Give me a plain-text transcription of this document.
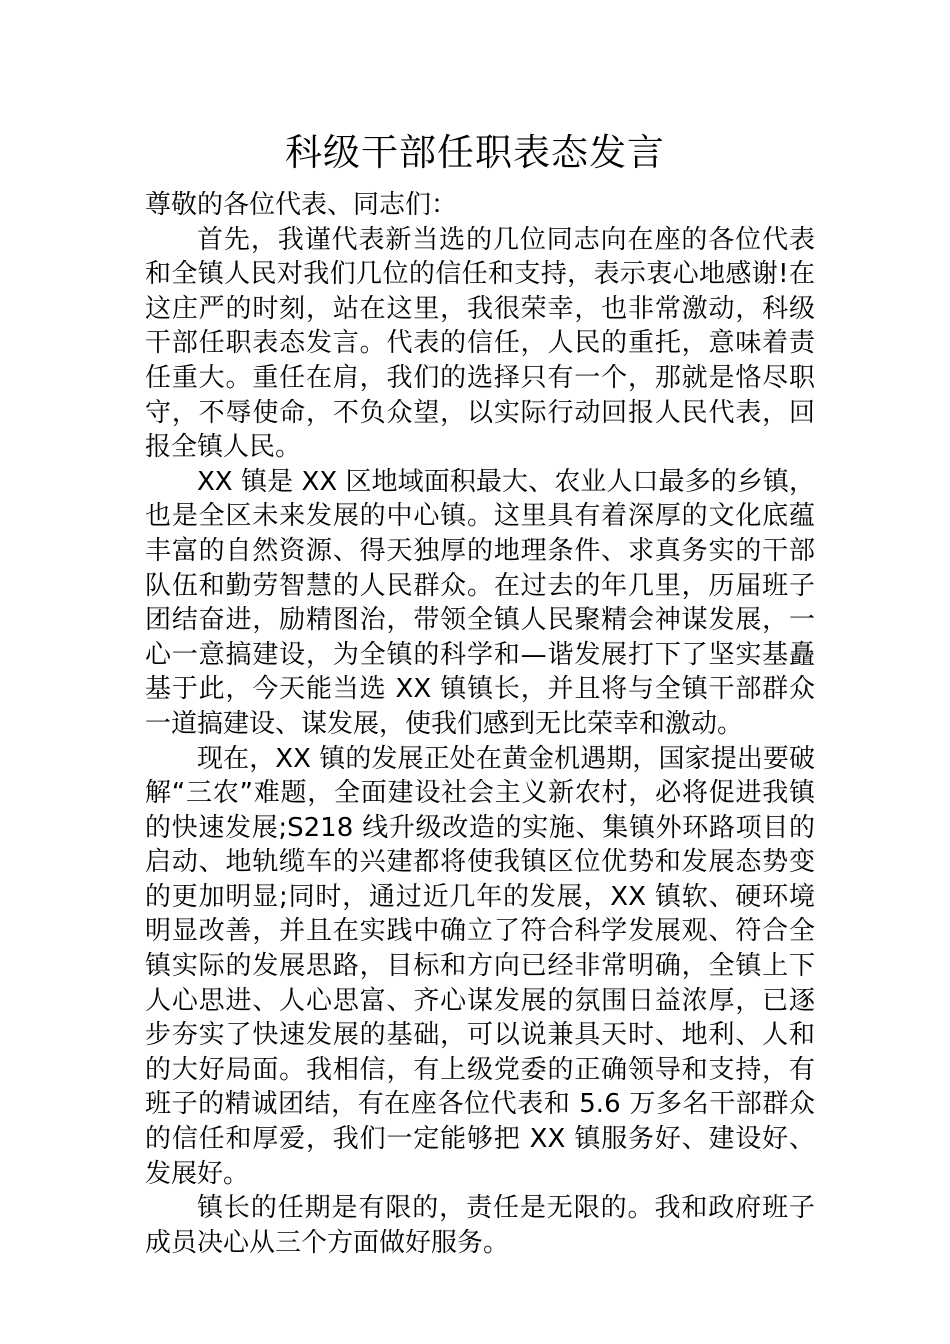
科级干部任职表态发言

尊敬的各位代表、同志们：

首先，我谨代表新当选的几位同志向在座的各位代表和全镇人民对我们几位的信任和支持，表示衷心地感谢!在这庄严的时刻，站在这里，我很荣幸，也非常激动，科级干部任职表态发言。代表的信任，人民的重托，意味着责任重大。重任在肩，我们的选择只有一个，那就是恪尽职守，不辱使命，不负众望，以实际行动回报人民代表，回报全镇人民。

XX 镇是 XX 区地域面积最大、农业人口最多的乡镇，也是全区未来发展的中心镇。这里具有着深厚的文化底蕴丰富的自然资源、得天独厚的地理条件、求真务实的干部队伍和勤劳智慧的人民群众。在过去的年几里，历届班子团结奋进，励精图治，带领全镇人民聚精会神谋发展，一心一意搞建设，为全镇的科学和—谐发展打下了坚实基矗基于此，今天能当选 XX 镇镇长，并且将与全镇干部群众一道搞建设、谋发展，使我们感到无比荣幸和激动。

现在，XX 镇的发展正处在黄金机遇期，国家提出要破解“三农”难题，全面建设社会主义新农村，必将促进我镇的快速发展;S218 线升级改造的实施、集镇外环路项目的启动、地轨缆车的兴建都将使我镇区位优势和发展态势变的更加明显;同时，通过近几年的发展，XX 镇软、硬环境明显改善，并且在实践中确立了符合科学发展观、符合全镇实际的发展思路，目标和方向已经非常明确，全镇上下人心思进、人心思富、齐心谋发展的氛围日益浓厚，已逐步夯实了快速发展的基础，可以说兼具天时、地利、人和的大好局面。我相信，有上级党委的正确领导和支持，有班子的精诚团结，有在座各位代表和 5.6 万多名干部群众的信任和厚爱，我们一定能够把 XX 镇服务好、建设好、发展好。

镇长的任期是有限的，责任是无限的。我和政府班子成员决心从三个方面做好服务。
